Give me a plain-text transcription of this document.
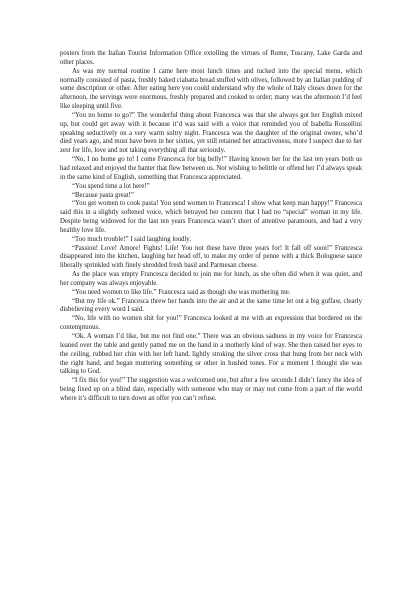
posters from the Italian Tourist Information Office extolling the virtues of Rome, Tuscany, Lake Garda and other places.

As was my normal routine I came here most lunch times and tucked into the special menu, which normally consisted of pasta, freshly baked ciabatta bread stuffed with olives, followed by an Italian pudding of some description or other. After eating here you could understand why the whole of Italy closes down for the afternoon, the servings were enormous, freshly prepared and cooked to order; many was the afternoon I’d feel like sleeping until five.

“You no home to go?” The wonderful thing about Francesca was that she always got her English mixed up, but could get away with it because it’d was said with a voice that reminded you of Isabella Rossollini speaking seductively on a very warm sultry night. Francesca was the daughter of the original owner, who’d died years ago, and must have been in her sixties, yet still retained her attractiveness, more I suspect due to her zest for life, love and not taking everything all that seriously.

“No, I no home go to! I come Francesca for big belly!” Having known her for the last ten years both us had relaxed and enjoyed the banter that flew between us. Not wishing to belittle or offend her I’d always speak in the same kind of English, something that Francesca appreciated.

“You spend time a lot here!”

“Because pasta great!”

“You get women to cook pasta! You send women to Francesca! I show what keep man happy!” Francesca said this in a slightly softened voice, which betrayed her concern that I had no “special” woman in my life. Despite being widowed for the last ten years Francesca wasn’t short of attentive paramours, and had a very healthy love life.

“Too much trouble!” I said laughing loudly.

“Passion! Love! Amore! Fights! Life! You not these have three years for! It fall off soon!” Francesca disappeared into the kitchen, laughing her head off, to make my order of penne with a thick Bolognese sauce liberally sprinkled with finely shredded fresh basil and Parmesan cheese.

As the place was empty Francesca decided to join me for lunch, as she often did when it was quiet, and her company was always enjoyable.

“You need women to like life.” Francesca said as though she was mothering me.

“But my life ok.” Francesca threw her hands into the air and at the same time let out a big guffaw, clearly disbelieving every word I said.

“No, life with no women shit for you!” Francesca looked at me with an expression that bordered on the contemptuous.

“Ok. A woman I’d like, but me not find one.” There was an obvious sadness in my voice for Francesca leaned over the table and gently patted me on the hand in a motherly kind of way. She then raised her eyes to the ceiling, rubbed her chin with her left hand, lightly stroking the silver cross that hung from her neck with the right hand, and began muttering something or other in hushed tones. For a moment I thought she was talking to God.

“I fix this for you!” The suggestion was a welcomed one, but after a few seconds I didn’t fancy the idea of being fixed up on a blind date, especially with someone who may or may not come from a part of the world where it’s difficult to turn down an offer you can’t refuse.
